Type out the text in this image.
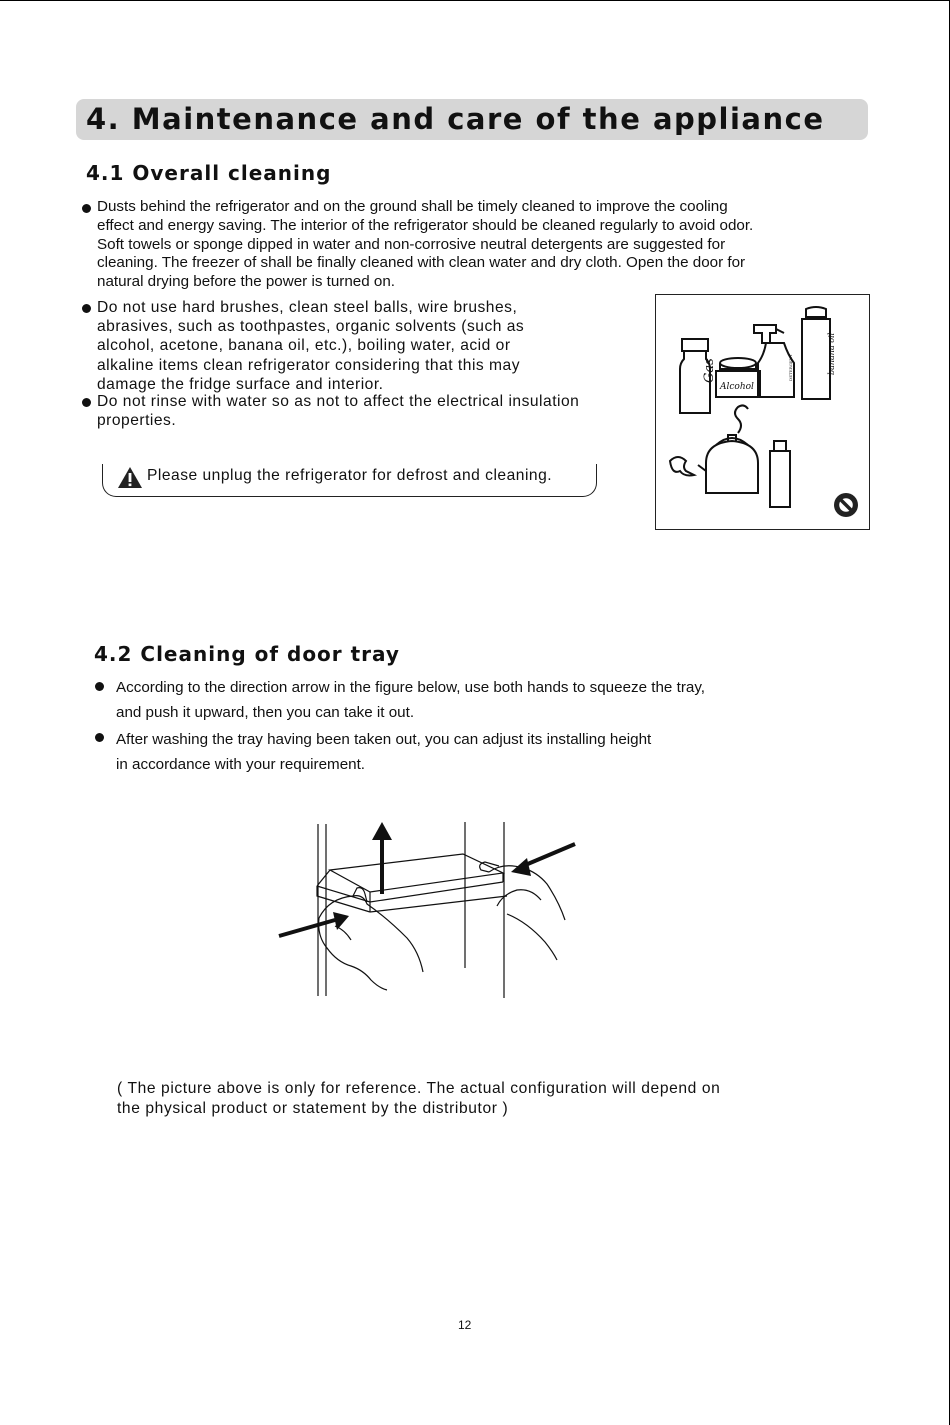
4. Maintenance and care of the appliance
4.1 Overall cleaning
Dusts behind the refrigerator and on the ground shall be timely cleaned to improve the cooling
effect and energy saving. The interior of the refrigerator should be cleaned regularly to avoid odor.
Soft towels or sponge dipped in water and non-corrosive neutral detergents are suggested for
cleaning. The freezer of shall be finally cleaned with clean water and dry cloth. Open the door for
natural drying before the power is turned on.
Do not use hard brushes, clean steel balls, wire brushes,
abrasives, such as toothpastes, organic solvents (such as
alcohol, acetone, banana oil, etc.), boiling water, acid or
alkaline items clean refrigerator considering that this may
damage the fridge surface and interior.
Do not rinse with water so as not to affect the electrical insulation
properties.
Please unplug the refrigerator for defrost and cleaning.
Gas
Alcohol
DETERGENT	banana oil
4.2 Cleaning of door tray
According to the direction arrow in the figure below, use both hands to squeeze the tray,
and push it upward, then you can take it out.
After washing the tray having been taken out, you can adjust its installing height
in accordance with your requirement.
( The picture above is only for reference. The actual configuration will depend on
the physical product or statement by the distributor )
12
